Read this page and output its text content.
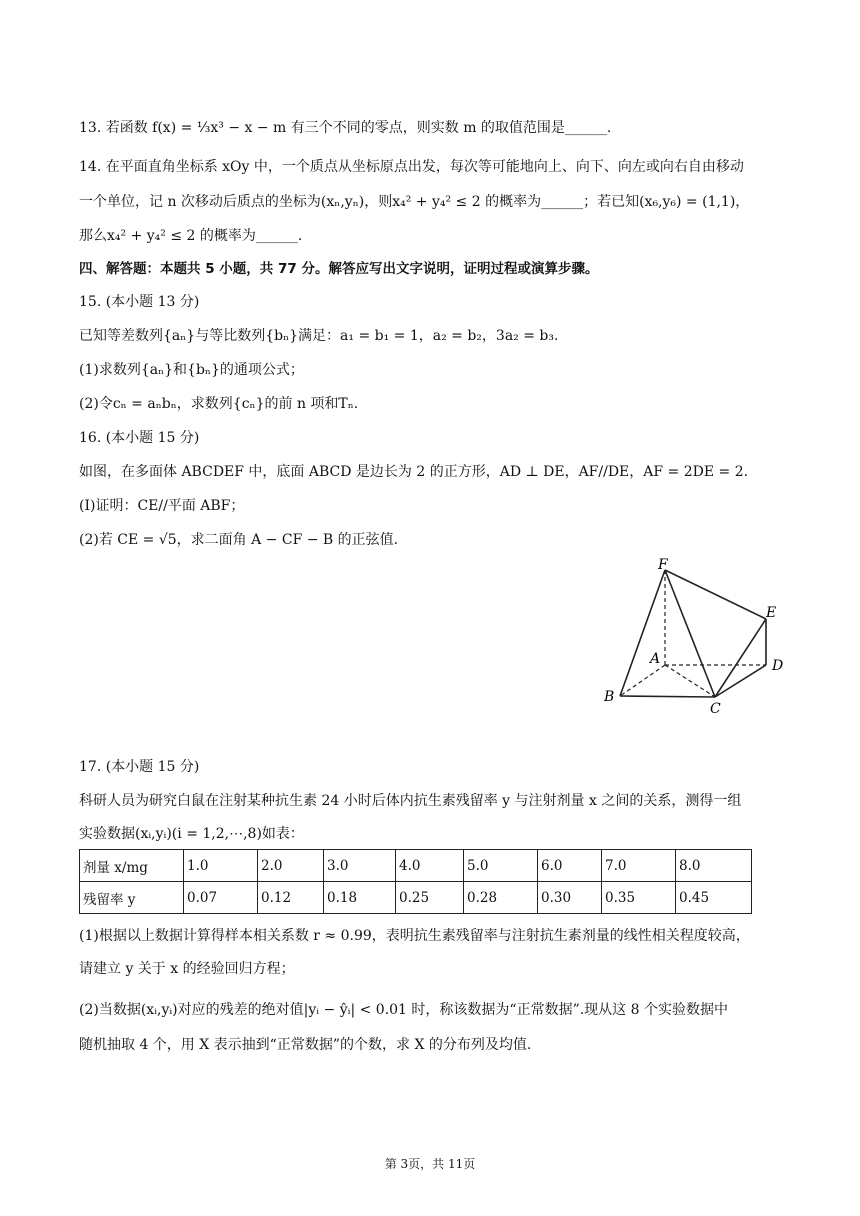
13. 若函数 f(x) = ⅓x³ − x − m 有三个不同的零点，则实数 m 的取值范围是______.
14. 在平面直角坐标系 xOy 中，一个质点从坐标原点出发，每次等可能地向上、向下、向左或向右自由移动
一个单位，记 n 次移动后质点的坐标为(xₙ,yₙ)，则x₄² + y₄² ≤ 2 的概率为______；若已知(x₆,y₆) = (1,1)，
那么x₄² + y₄² ≤ 2 的概率为______.
四、解答题：本题共 5 小题，共 77 分。解答应写出文字说明，证明过程或演算步骤。
15. (本小题 13 分)
已知等差数列{aₙ}与等比数列{bₙ}满足：a₁ = b₁ = 1，a₂ = b₂，3a₂ = b₃.
(1)求数列{aₙ}和{bₙ}的通项公式；
(2)令cₙ = aₙbₙ，求数列{cₙ}的前 n 项和Tₙ.
16. (本小题 15 分)
如图，在多面体 ABCDEF 中，底面 ABCD 是边长为 2 的正方形，AD ⊥ DE，AF//DE，AF = 2DE = 2.
(I)证明：CE//平面 ABF；
(2)若 CE = √5，求二面角 A − CF − B 的正弦值.
F
E
A	D
B
C
17. (本小题 15 分)
科研人员为研究白鼠在注射某种抗生素 24 小时后体内抗生素残留率 y 与注射剂量 x 之间的关系，测得一组
实验数据(xᵢ,yᵢ)(i = 1,2,⋯,8)如表：
剂量 x/mg	1.0	2.0	3.0	4.0	5.0	6.0	7.0	8.0
残留率 y	0.07	0.12	0.18	0.25	0.28	0.30	0.35	0.45
(1)根据以上数据计算得样本相关系数 r ≈ 0.99，表明抗生素残留率与注射抗生素剂量的线性相关程度较高，
请建立 y 关于 x 的经验回归方程；
(2)当数据(xᵢ,yᵢ)对应的残差的绝对值|yᵢ − ŷᵢ| < 0.01 时，称该数据为“正常数据”.现从这 8 个实验数据中
随机抽取 4 个，用 X 表示抽到“正常数据”的个数，求 X 的分布列及均值.
第 3页，共 11页
